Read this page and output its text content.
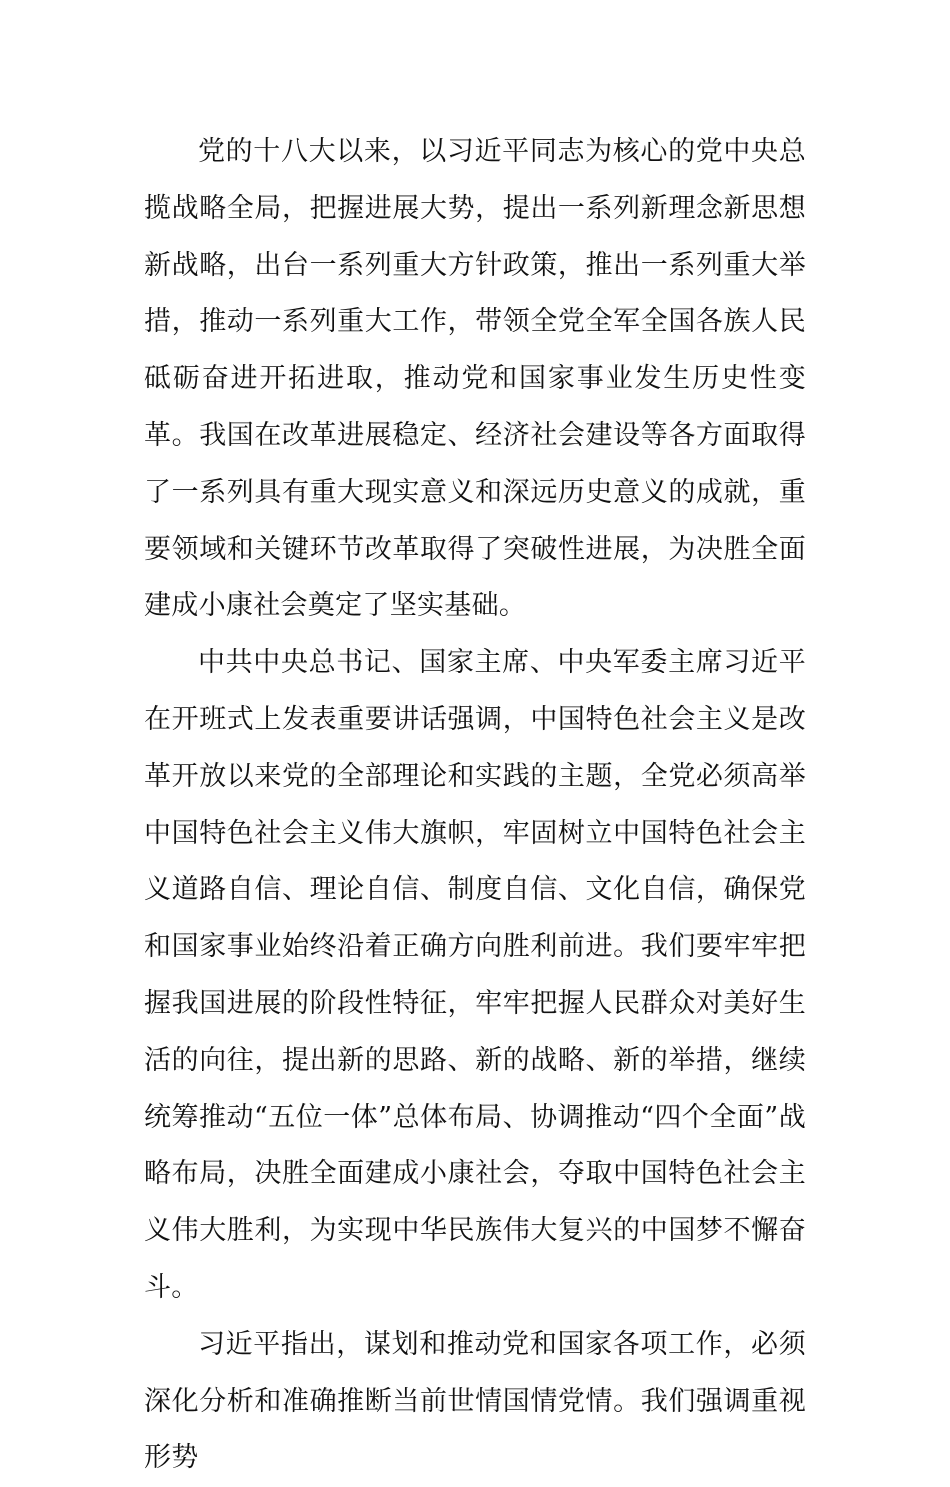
党的十八大以来，以习近平同志为核心的党中央总揽战略全局，把握进展大势，提出一系列新理念新思想新战略，出台一系列重大方针政策，推出一系列重大举措，推动一系列重大工作，带领全党全军全国各族人民砥砺奋进开拓进取，推动党和国家事业发生历史性变革。我国在改革进展稳定、经济社会建设等各方面取得了一系列具有重大现实意义和深远历史意义的成就，重要领域和关键环节改革取得了突破性进展，为决胜全面建成小康社会奠定了坚实基础。

中共中央总书记、国家主席、中央军委主席习近平在开班式上发表重要讲话强调，中国特色社会主义是改革开放以来党的全部理论和实践的主题，全党必须高举中国特色社会主义伟大旗帜，牢固树立中国特色社会主义道路自信、理论自信、制度自信、文化自信，确保党和国家事业始终沿着正确方向胜利前进。我们要牢牢把握我国进展的阶段性特征，牢牢把握人民群众对美好生活的向往，提出新的思路、新的战略、新的举措，继续统筹推动“五位一体”总体布局、协调推动“四个全面”战略布局，决胜全面建成小康社会，夺取中国特色社会主义伟大胜利，为实现中华民族伟大复兴的中国梦不懈奋斗。

习近平指出，谋划和推动党和国家各项工作，必须深化分析和准确推断当前世情国情党情。我们强调重视形势
